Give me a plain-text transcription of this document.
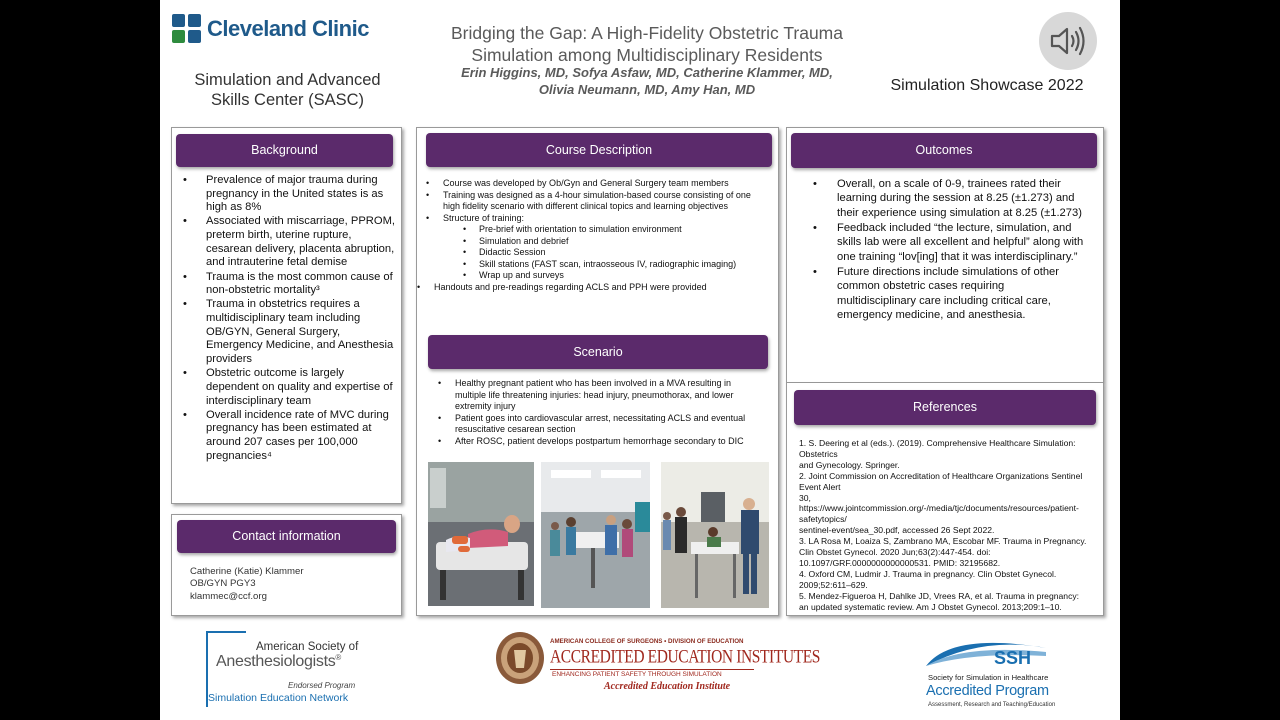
Cleveland Clinic
Simulation and Advanced Skills Center (SASC)
Bridging the Gap: A High-Fidelity Obstetric Trauma Simulation among Multidisciplinary Residents
Erin Higgins, MD, Sofya Asfaw, MD, Catherine Klammer, MD,
Olivia Neumann, MD, Amy Han, MD	Simulation Showcase 2022
Background
• Prevalence of major trauma during pregnancy in the United states is as high as 8%
• Associated with miscarriage, PPROM, preterm birth, uterine rupture, cesarean delivery, placenta abruption, and intrauterine fetal demise
• Trauma is the most common cause of non-obstetric mortality³
• Trauma in obstetrics requires a multidisciplinary team including OB/GYN, General Surgery, Emergency Medicine, and Anesthesia providers
• Obstetric outcome is largely dependent on quality and expertise of interdisciplinary team
• Overall incidence rate of MVC during pregnancy has been estimated at around 207 cases per 100,000 pregnancies⁴
Contact information

Catherine (Katie) Klammer

OB/GYN PGY3

klammec@ccf.org

Course Description
• Course was developed by Ob/Gyn and General Surgery team members
• Training was designed as a 4-hour simulation-based course consisting of one high fidelity scenario with different clinical topics and learning objectives
• Structure of training:
• Pre-brief with orientation to simulation environment
• Simulation and debrief
• Didactic Session
• Skill stations (FAST scan, intraosseous IV, radiographic imaging)
• Wrap up and surveys
• Handouts and pre-readings regarding ACLS and PPH were provided
Scenario
• Healthy pregnant patient who has been involved in a MVA resulting in multiple life threatening injuries: head injury, pneumothorax, and lower extremity injury
• Patient goes into cardiovascular arrest, necessitating ACLS and eventual resuscitative cesarean section
• After ROSC, patient develops postpartum hemorrhage secondary to DIC
Outcomes
• Overall, on a scale of 0-9, trainees rated their learning during the session at 8.25 (±1.273) and their experience using simulation at 8.25 (±1.273)
• Feedback included “the lecture, simulation, and skills lab were all excellent and helpful” along with one training “lov[ing] that it was interdisciplinary.”
• Future directions include simulations of other common obstetric cases requiring multidisciplinary care including critical care, emergency medicine, and anesthesia.
References

1. S. Deering et al (eds.). (2019). Comprehensive Healthcare Simulation: Obstetrics

and Gynecology. Springer.

2. Joint Commission on Accreditation of Healthcare Organizations Sentinel Event Alert

30, https://www.jointcommission.org/-/media/tjc/documents/resources/patient-safetytopics/

sentinel-event/sea_30.pdf, accessed 26 Sept 2022.

3. LA Rosa M, Loaiza S, Zambrano MA, Escobar MF. Trauma in Pregnancy. Clin Obstet Gynecol. 2020 Jun;63(2):447-454. doi: 10.1097/GRF.0000000000000531. PMID: 32195682.

4. Oxford CM, Ludmir J. Trauma in pregnancy. Clin Obstet Gynecol. 2009;52:611–629.

5. Mendez-Figueroa H, Dahlke JD, Vrees RA, et al. Trauma in pregnancy: an updated systematic review. Am J Obstet Gynecol. 2013;209:1–10.

American Society of
Anesthesiologists®
Endorsed Program
Simulation Education Network
AMERICAN COLLEGE OF SURGEONS • DIVISION OF EDUCATION
ACCREDITED EDUCATION INSTITUTES
ENHANCING PATIENT SAFETY THROUGH SIMULATION
Accredited Education Institute
SSH
Society for Simulation in Healthcare
Accredited Program
Assessment, Research and Teaching/Education
